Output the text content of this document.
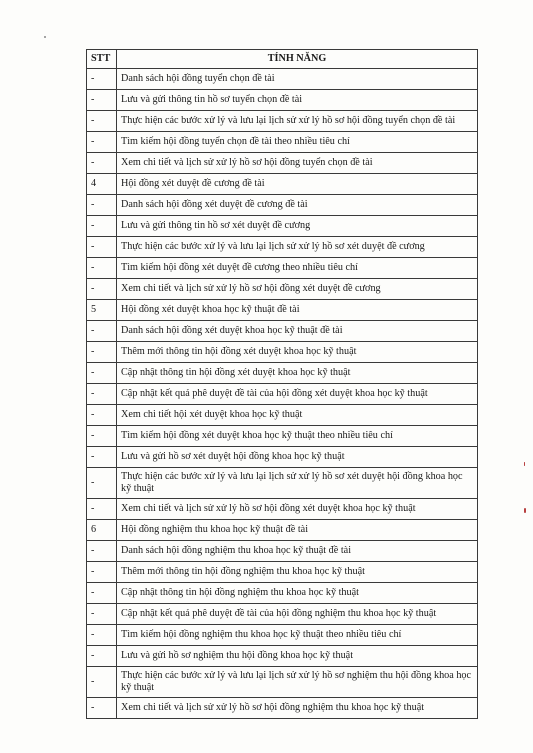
STT	TÍNH NĂNG
-	Danh sách hội đồng tuyển chọn đề tài
-	Lưu và gửi thông tin hồ sơ tuyển chọn đề tài
-	Thực hiện các bước xử lý và lưu lại lịch sử xử lý hồ sơ hội đồng tuyển chọn đề tài
-	Tìm kiếm hội đồng tuyển chọn đề tài theo nhiều tiêu chí
-	Xem chi tiết và lịch sử xử lý hồ sơ hội đồng tuyển chọn đề tài
4	Hội đồng xét duyệt đề cương đề tài
-	Danh sách hội đồng xét duyệt đề cương đề tài
-	Lưu và gửi thông tin hồ sơ xét duyệt đề cương
-	Thực hiện các bước xử lý và lưu lại lịch sử xử lý hồ sơ xét duyệt đề cương
-	Tìm kiếm hội đồng xét duyệt đề cương theo nhiều tiêu chí
-	Xem chi tiết và lịch sử xử lý hồ sơ hội đồng xét duyệt đề cương
5	Hội đồng xét duyệt khoa học kỹ thuật đề tài
-	Danh sách hội đồng xét duyệt khoa học kỹ thuật đề tài
-	Thêm mới thông tin hội đồng xét duyệt khoa học kỹ thuật
-	Cập nhật thông tin hội đồng xét duyệt khoa học kỹ thuật
-	Cập nhật kết quả phê duyệt đề tài của hội đồng xét duyệt khoa học kỹ thuật
-	Xem chi tiết hội xét duyệt khoa học kỹ thuật
-	Tìm kiếm hội đồng xét duyệt khoa học kỹ thuật theo nhiều tiêu chí
-	Lưu và gửi hồ sơ xét duyệt hội đồng khoa học kỹ thuật
-	Thực hiện các bước xử lý và lưu lại lịch sử xử lý hồ sơ xét duyệt hội đồng khoa học kỹ thuật
-	Xem chi tiết và lịch sử xử lý hồ sơ hội đồng xét duyệt khoa học kỹ thuật
6	Hội đồng nghiệm thu khoa học kỹ thuật đề tài
-	Danh sách hội đồng nghiệm thu khoa học kỹ thuật đề tài
-	Thêm mới thông tin hội đồng nghiệm thu khoa học kỹ thuật
-	Cập nhật thông tin hội đồng nghiệm thu khoa học kỹ thuật
-	Cập nhật kết quả phê duyệt đề tài của hội đồng nghiệm thu khoa học kỹ thuật
-	Tìm kiếm hội đồng nghiệm thu khoa học kỹ thuật theo nhiều tiêu chí
-	Lưu và gửi hồ sơ nghiệm thu hội đồng khoa học kỹ thuật
-	Thực hiện các bước xử lý và lưu lại lịch sử xử lý hồ sơ nghiệm thu hội đồng khoa học kỹ thuật
-	Xem chi tiết và lịch sử xử lý hồ sơ hội đồng nghiệm thu khoa học kỹ thuật
